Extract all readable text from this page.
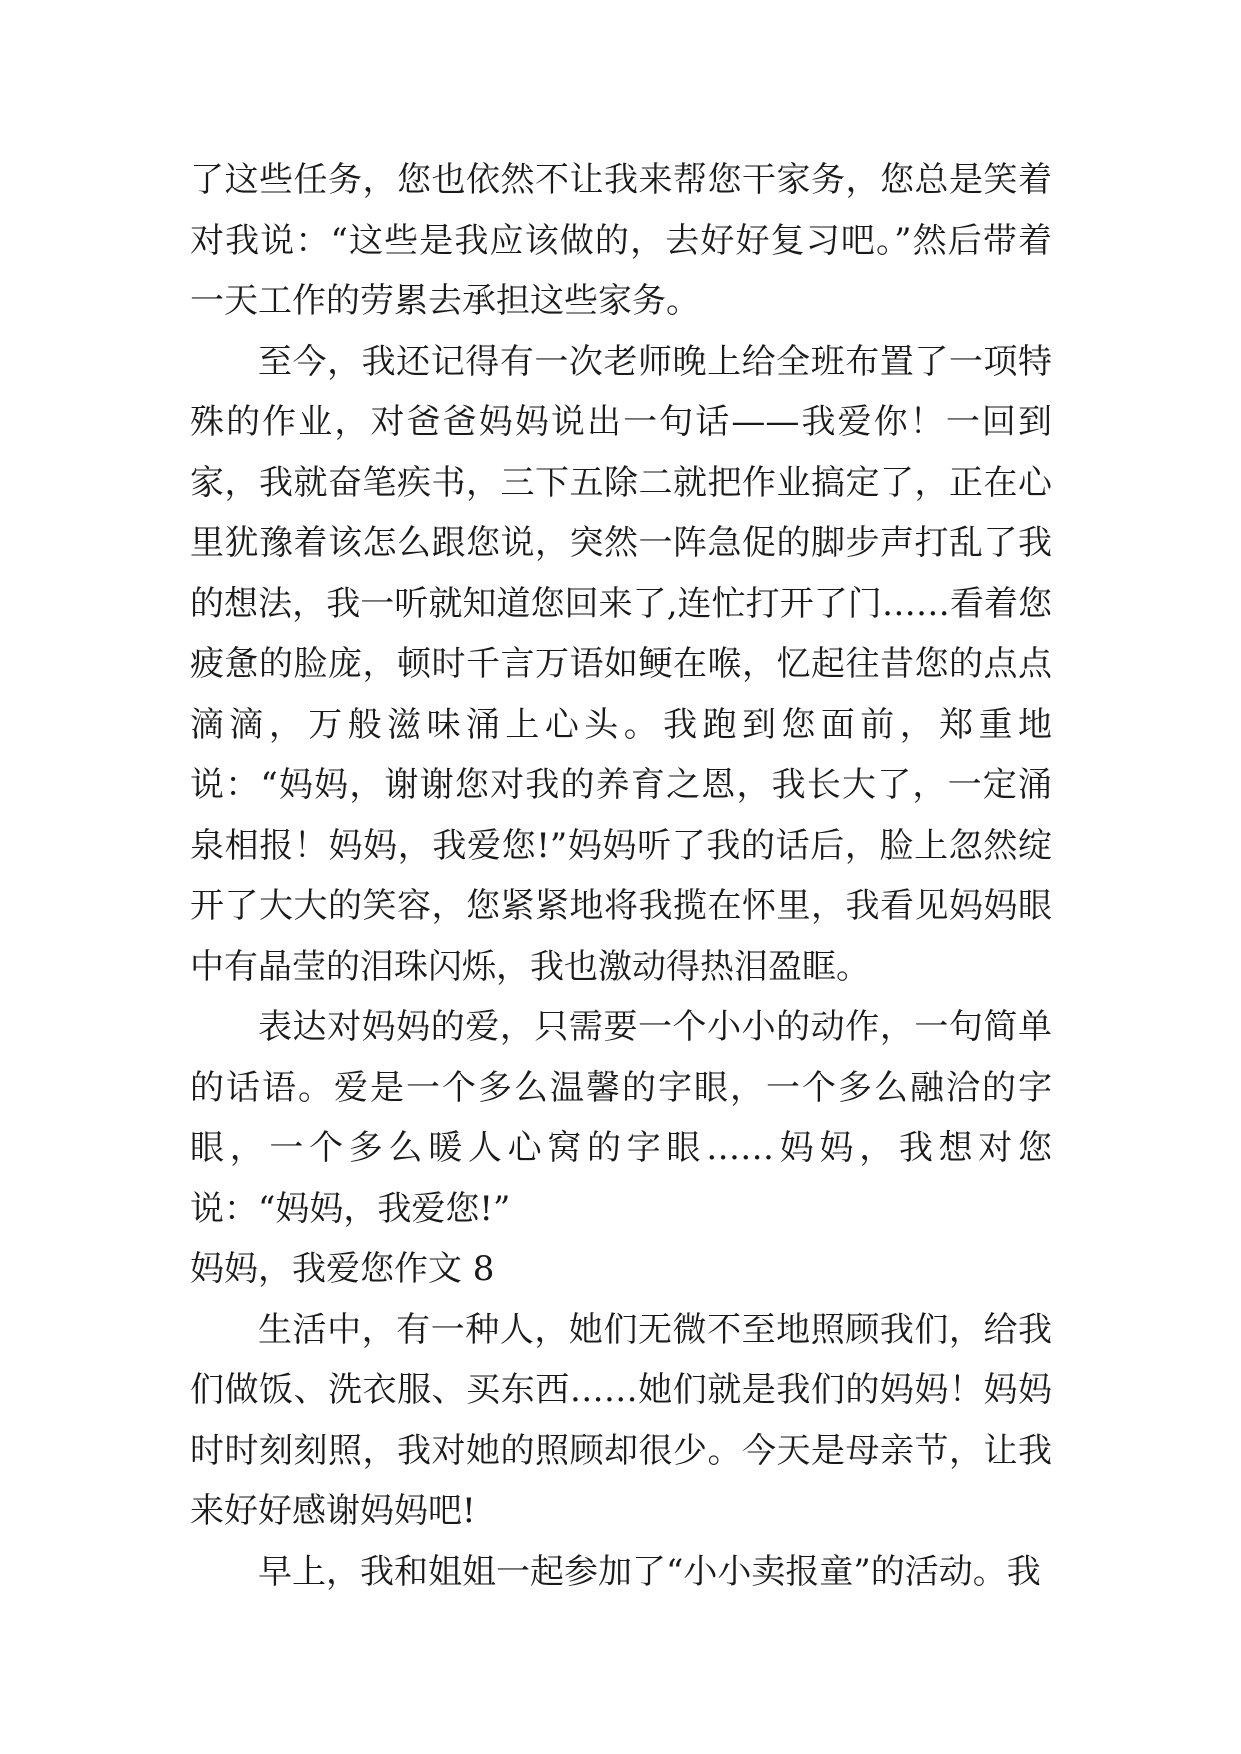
了这些任务，您也依然不让我来帮您干家务，您总是笑着对我说：“这些是我应该做的，去好好复习吧。”然后带着一天工作的劳累去承担这些家务。

至今，我还记得有一次老师晚上给全班布置了一项特殊的作业，对爸爸妈妈说出一句话——我爱你！一回到家，我就奋笔疾书，三下五除二就把作业搞定了，正在心里犹豫着该怎么跟您说，突然一阵急促的脚步声打乱了我的想法，我一听就知道您回来了,连忙打开了门……看着您疲惫的脸庞，顿时千言万语如鲠在喉，忆起往昔您的点点滴滴，万般滋味涌上心头。我跑到您面前，郑重地说：“妈妈，谢谢您对我的养育之恩，我长大了，一定涌泉相报！妈妈，我爱您!”妈妈听了我的话后，脸上忽然绽开了大大的笑容，您紧紧地将我揽在怀里，我看见妈妈眼中有晶莹的泪珠闪烁，我也激动得热泪盈眶。

表达对妈妈的爱，只需要一个小小的动作，一句简单的话语。爱是一个多么温馨的字眼，一个多么融洽的字眼，一个多么暖人心窝的字眼……妈妈，我想对您说：“妈妈，我爱您!”

妈妈，我爱您作文 8

生活中，有一种人，她们无微不至地照顾我们，给我们做饭、洗衣服、买东西……她们就是我们的妈妈！妈妈时时刻刻照，我对她的照顾却很少。今天是母亲节，让我来好好感谢妈妈吧!

早上，我和姐姐一起参加了“小小卖报童”的活动。我
